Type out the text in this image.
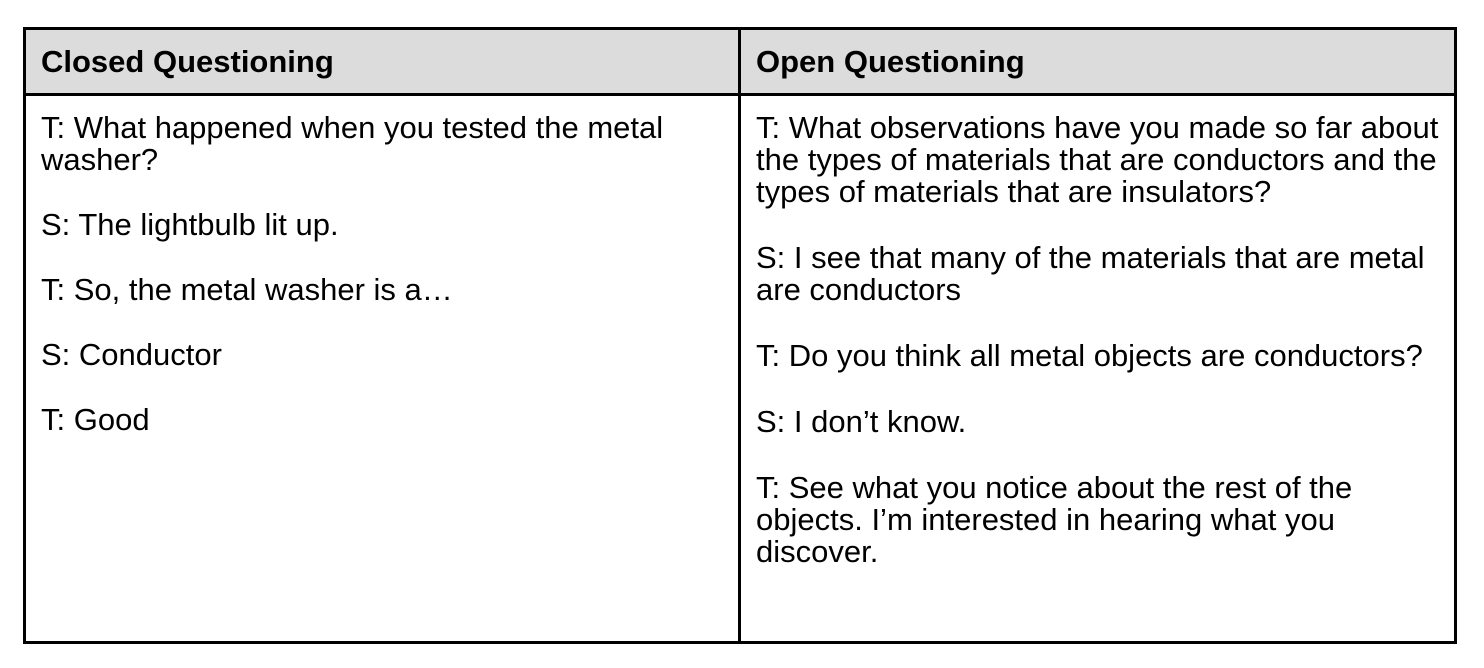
Closed Questioning	Open Questioning

T: What happened when you tested the metal washer?

S: The lightbulb lit up.

T: So, the metal washer is a…

S: Conductor

T: Good

T: What observations have you made so far about the types of materials that are conductors and the types of materials that are insulators?

S: I see that many of the materials that are metal are conductors

T: Do you think all metal objects are conductors?

S: I don’t know.

T: See what you notice about the rest of the objects. I’m interested in hearing what you discover.
